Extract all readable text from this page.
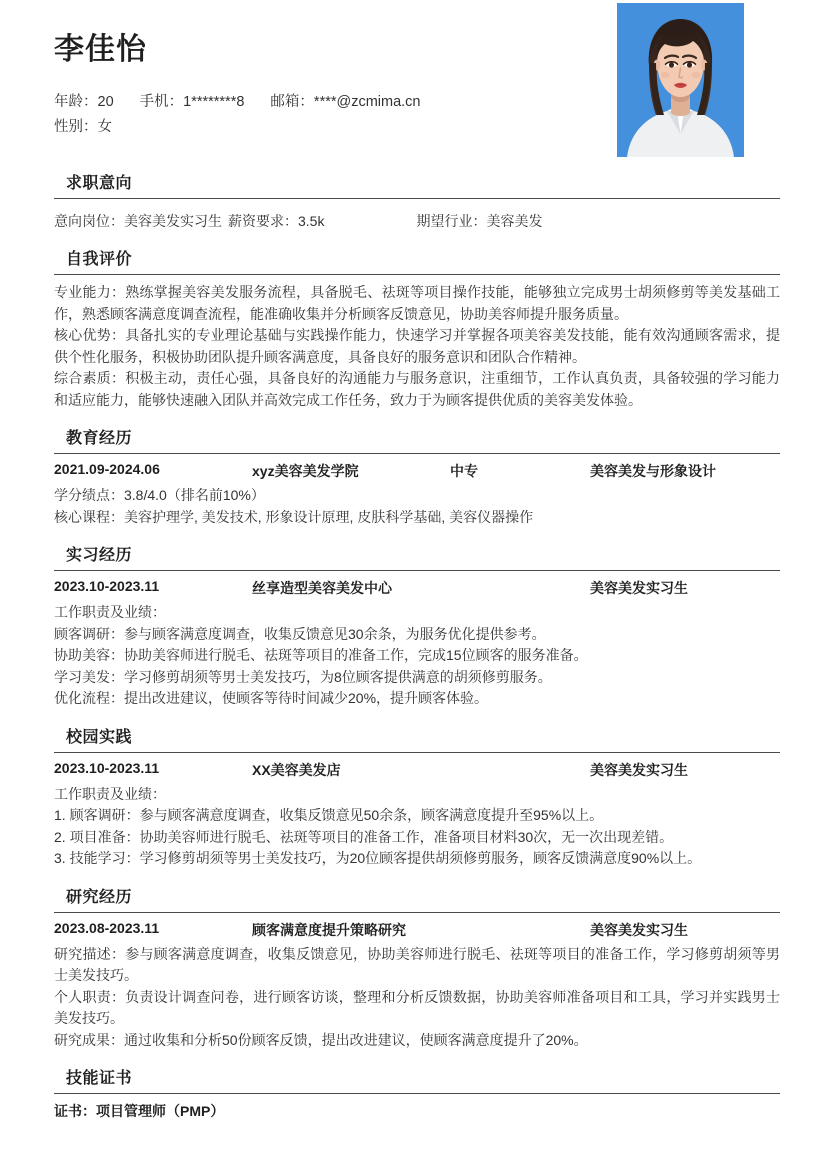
李佳怡
年龄：20 手机：1********8 邮箱：****@zcmima.cn
性别：女
求职意向
意向岗位：美容美发实习生 薪资要求：3.5k	期望行业：美容美发
自我评价

专业能力：熟练掌握美容美发服务流程，具备脱毛、祛斑等项目操作技能，能够独立完成男士胡须修剪等美发基础工作，熟悉顾客满意度调查流程，能准确收集并分析顾客反馈意见，协助美容师提升服务质量。

核心优势：具备扎实的专业理论基础与实践操作能力，快速学习并掌握各项美容美发技能，能有效沟通顾客需求，提供个性化服务，积极协助团队提升顾客满意度，具备良好的服务意识和团队合作精神。

综合素质：积极主动，责任心强，具备良好的沟通能力与服务意识，注重细节，工作认真负责，具备较强的学习能力和适应能力，能够快速融入团队并高效完成工作任务，致力于为顾客提供优质的美容美发体验。

教育经历
2021.09-2024.06	xyz美容美发学院	中专	美容美发与形象设计

学分绩点：3.8/4.0（排名前10%）

核心课程：美容护理学, 美发技术, 形象设计原理, 皮肤科学基础, 美容仪器操作

实习经历
2023.10-2023.11	丝享造型美容美发中心	美容美发实习生

工作职责及业绩：

顾客调研：参与顾客满意度调查，收集反馈意见30余条，为服务优化提供参考。

协助美容：协助美容师进行脱毛、祛斑等项目的准备工作，完成15位顾客的服务准备。

学习美发：学习修剪胡须等男士美发技巧，为8位顾客提供满意的胡须修剪服务。

优化流程：提出改进建议，使顾客等待时间减少20%，提升顾客体验。

校园实践
2023.10-2023.11	XX美容美发店	美容美发实习生

工作职责及业绩：

1. 顾客调研：参与顾客满意度调查，收集反馈意见50余条，顾客满意度提升至95%以上。

2. 项目准备：协助美容师进行脱毛、祛斑等项目的准备工作，准备项目材料30次，无一次出现差错。

3. 技能学习：学习修剪胡须等男士美发技巧，为20位顾客提供胡须修剪服务，顾客反馈满意度90%以上。

研究经历
2023.08-2023.11	顾客满意度提升策略研究	美容美发实习生

研究描述：参与顾客满意度调查，收集反馈意见，协助美容师进行脱毛、祛斑等项目的准备工作，学习修剪胡须等男士美发技巧。

个人职责：负责设计调查问卷，进行顾客访谈，整理和分析反馈数据，协助美容师准备项目和工具，学习并实践男士美发技巧。

研究成果：通过收集和分析50份顾客反馈，提出改进建议，使顾客满意度提升了20%。

技能证书

证书：项目管理师（PMP）
